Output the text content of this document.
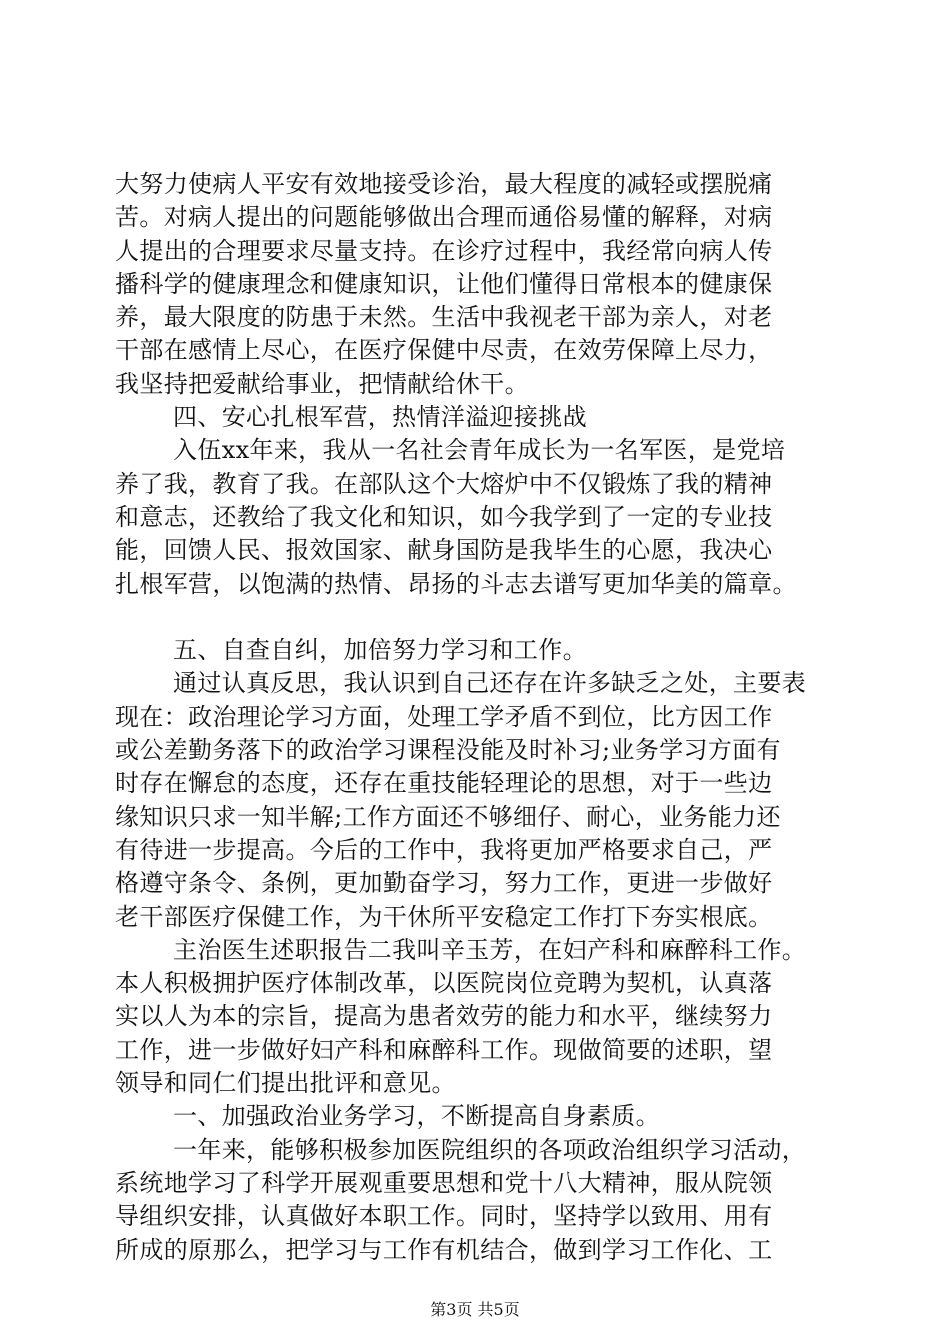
大努力使病人平安有效地接受诊治，最大程度的减轻或摆脱痛
苦。对病人提出的问题能够做出合理而通俗易懂的解释，对病
人提出的合理要求尽量支持。在诊疗过程中，我经常向病人传
播科学的健康理念和健康知识，让他们懂得日常根本的健康保
养，最大限度的防患于未然。生活中我视老干部为亲人，对老
干部在感情上尽心，在医疗保健中尽责，在效劳保障上尽力，
我坚持把爱献给事业，把情献给休干。
四、安心扎根军营，热情洋溢迎接挑战
入伍xx年来，我从一名社会青年成长为一名军医，是党培
养了我，教育了我。在部队这个大熔炉中不仅锻炼了我的精神
和意志，还教给了我文化和知识，如今我学到了一定的专业技
能，回馈人民、报效国家、献身国防是我毕生的心愿，我决心
扎根军营，以饱满的热情、昂扬的斗志去谱写更加华美的篇章。
五、自查自纠，加倍努力学习和工作。
通过认真反思，我认识到自己还存在许多缺乏之处，主要表
现在：政治理论学习方面，处理工学矛盾不到位，比方因工作
或公差勤务落下的政治学习课程没能及时补习;业务学习方面有
时存在懈怠的态度，还存在重技能轻理论的思想，对于一些边
缘知识只求一知半解;工作方面还不够细仔、耐心，业务能力还
有待进一步提高。今后的工作中，我将更加严格要求自己，严
格遵守条令、条例，更加勤奋学习，努力工作，更进一步做好
老干部医疗保健工作，为干休所平安稳定工作打下夯实根底。
主治医生述职报告二我叫辛玉芳，在妇产科和麻醉科工作。
本人积极拥护医疗体制改革，以医院岗位竞聘为契机，认真落
实以人为本的宗旨，提高为患者效劳的能力和水平，继续努力
工作，进一步做好妇产科和麻醉科工作。现做简要的述职，望
领导和同仁们提出批评和意见。
一、加强政治业务学习，不断提高自身素质。
一年来，能够积极参加医院组织的各项政治组织学习活动，
系统地学习了科学开展观重要思想和党十八大精神，服从院领
导组织安排，认真做好本职工作。同时，坚持学以致用、用有
所成的原那么，把学习与工作有机结合，做到学习工作化、工
第3页 共5页
